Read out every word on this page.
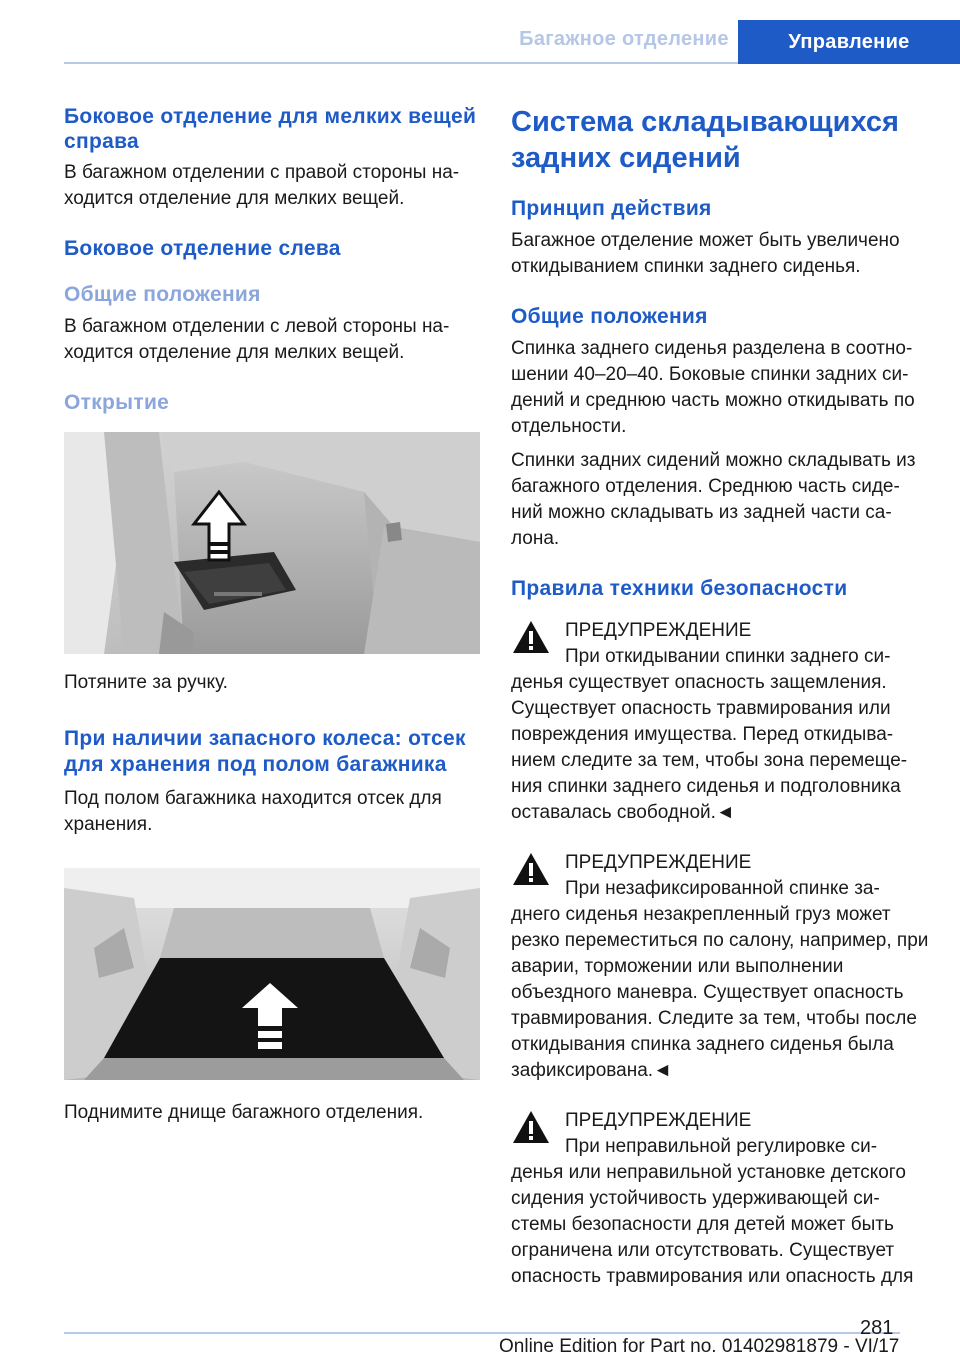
Багажное отделение	Управление
Боковое отделение для мелких вещей справа

В багажном отделении с правой стороны на-ходится отделение для мелких вещей.

Боковое отделение слева
Общие положения

В багажном отделении с левой стороны на-ходится отделение для мелких вещей.

Открытие

Потяните за ручку.

При наличии запасного колеса: отсек для хранения под полом багажника

Под полом багажника находится отсек для хранения.

Поднимите днище багажного отделения.

Система складывающихся задних сидений
Принцип действия

Багажное отделение может быть увеличено откидыванием спинки заднего сиденья.

Общие положения

Спинка заднего сиденья разделена в соотно-шении 40–20–40. Боковые спинки задних си-дений и среднюю часть можно откидывать по отдельности.

Спинки задних сидений можно складывать из багажного отделения. Среднюю часть сиде-ний можно складывать из задней части са-лона.

Правила техники безопасности
ПРЕДУПРЕЖДЕНИЕ
При откидывании спинки заднего си-

денья существует опасность защемления. Существует опасность травмирования или повреждения имущества. Перед откидыва-нием следите за тем, чтобы зона перемеще-ния спинки заднего сиденья и подголовника оставалась свободной.◄

ПРЕДУПРЕЖДЕНИЕ
При незафиксированной спинке за-

днего сиденья незакрепленный груз может резко переместиться по салону, например, при аварии, торможении или выполнении объездного маневра. Существует опасность травмирования. Следите за тем, чтобы после откидывания спинка заднего сиденья была зафиксирована.◄

ПРЕДУПРЕЖДЕНИЕ
При неправильной регулировке си-

денья или неправильной установке детского сидения устойчивость удерживающей си-стемы безопасности для детей может быть ограничена или отсутствовать. Существует опасность травмирования или опасность для

281
Online Edition for Part no. 01402981879 - VI/17
